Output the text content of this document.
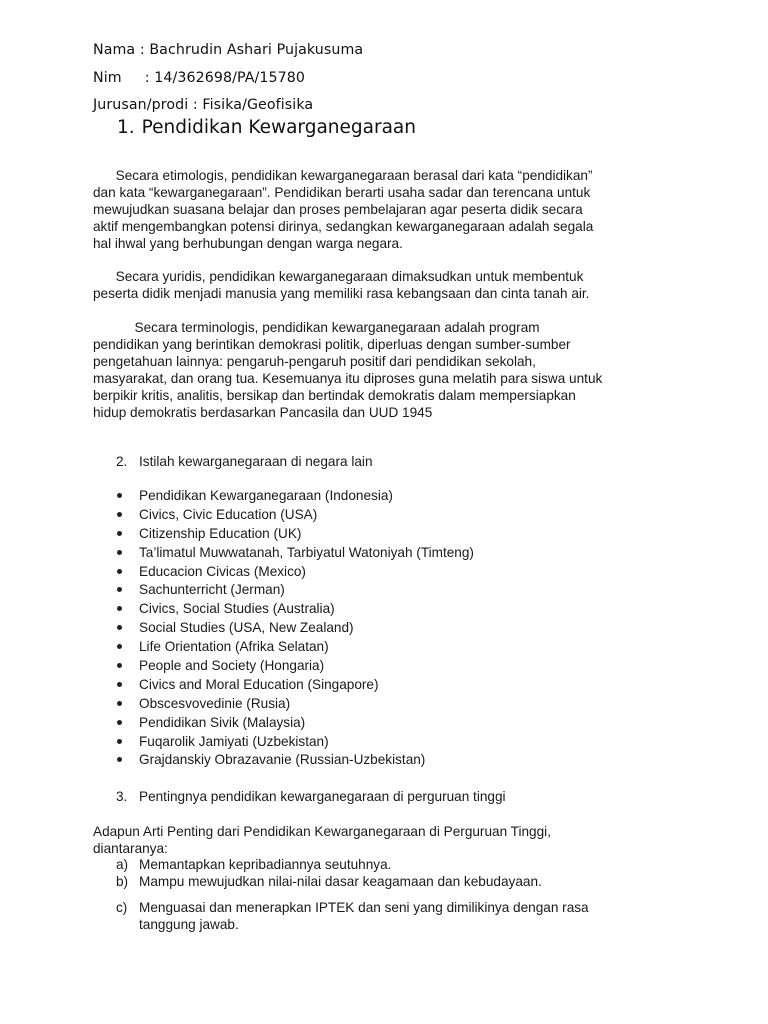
Nama : Bachrudin Ashari Pujakusuma
Nim     : 14/362698/PA/15780
Jurusan/prodi : Fisika/Geofisika
1. Pendidikan Kewarganegaraan
Secara etimologis, pendidikan kewarganegaraan berasal dari kata “pendidikan”
dan kata “kewarganegaraan”. Pendidikan berarti usaha sadar dan terencana untuk
mewujudkan suasana belajar dan proses pembelajaran agar peserta didik secara
aktif mengembangkan potensi dirinya, sedangkan kewarganegaraan adalah segala
hal ihwal yang berhubungan dengan warga negara.
Secara yuridis, pendidikan kewarganegaraan dimaksudkan untuk membentuk
peserta didik menjadi manusia yang memiliki rasa kebangsaan dan cinta tanah air.
Secara terminologis, pendidikan kewarganegaraan adalah program
pendidikan yang berintikan demokrasi politik, diperluas dengan sumber-sumber
pengetahuan lainnya: pengaruh-pengaruh positif dari pendidikan sekolah,
masyarakat, dan orang tua. Kesemuanya itu diproses guna melatih para siswa untuk
berpikir kritis, analitis, bersikap dan bertindak demokratis dalam mempersiapkan
hidup demokratis berdasarkan Pancasila dan UUD 1945
2. Istilah kewarganegaraan di negara lain
Pendidikan Kewarganegaraan (Indonesia)
Civics, Civic Education (USA)
Citizenship Education (UK)
Ta’limatul Muwwatanah, Tarbiyatul Watoniyah (Timteng)
Educacion Civicas (Mexico)
Sachunterricht (Jerman)
Civics, Social Studies (Australia)
Social Studies (USA, New Zealand)
Life Orientation (Afrika Selatan)
People and Society (Hongaria)
Civics and Moral Education (Singapore)
Obscesvovedinie (Rusia)
Pendidikan Sivik (Malaysia)
Fuqarolik Jamiyati (Uzbekistan)
Grajdanskiy Obrazavanie (Russian-Uzbekistan)
3. Pentingnya pendidikan kewarganegaraan di perguruan tinggi
Adapun Arti Penting dari Pendidikan Kewarganegaraan di Perguruan Tinggi,
diantaranya:
a) Memantapkan kepribadiannya seutuhnya.
b) Mampu mewujudkan nilai-nilai dasar keagamaan dan kebudayaan.
c) Menguasai dan menerapkan IPTEK dan seni yang dimilikinya dengan rasa
tanggung jawab.
